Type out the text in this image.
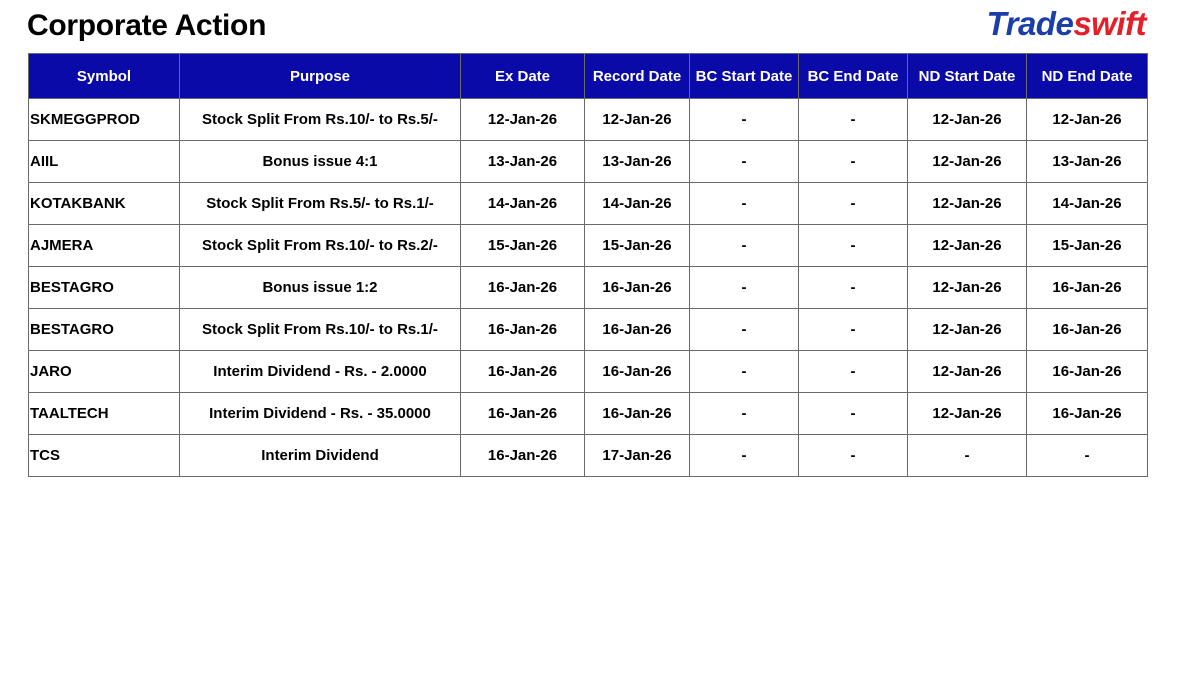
Corporate Action	Tradeswift
Symbol	Purpose	Ex Date	Record Date	BC Start Date	BC End Date	ND Start Date	ND End Date
SKMEGGPROD	Stock Split From Rs.10/- to Rs.5/-	12-Jan-26	12-Jan-26	-	-	12-Jan-26	12-Jan-26
AIIL	Bonus issue 4:1	13-Jan-26	13-Jan-26	-	-	12-Jan-26	13-Jan-26
KOTAKBANK	Stock Split From Rs.5/- to Rs.1/-	14-Jan-26	14-Jan-26	-	-	12-Jan-26	14-Jan-26
AJMERA	Stock Split From Rs.10/- to Rs.2/-	15-Jan-26	15-Jan-26	-	-	12-Jan-26	15-Jan-26
BESTAGRO	Bonus issue 1:2	16-Jan-26	16-Jan-26	-	-	12-Jan-26	16-Jan-26
BESTAGRO	Stock Split From Rs.10/- to Rs.1/-	16-Jan-26	16-Jan-26	-	-	12-Jan-26	16-Jan-26
JARO	Interim Dividend - Rs. - 2.0000	16-Jan-26	16-Jan-26	-	-	12-Jan-26	16-Jan-26
TAALTECH	Interim Dividend - Rs. - 35.0000	16-Jan-26	16-Jan-26	-	-	12-Jan-26	16-Jan-26
TCS	Interim Dividend	16-Jan-26	17-Jan-26	-	-	-	-
